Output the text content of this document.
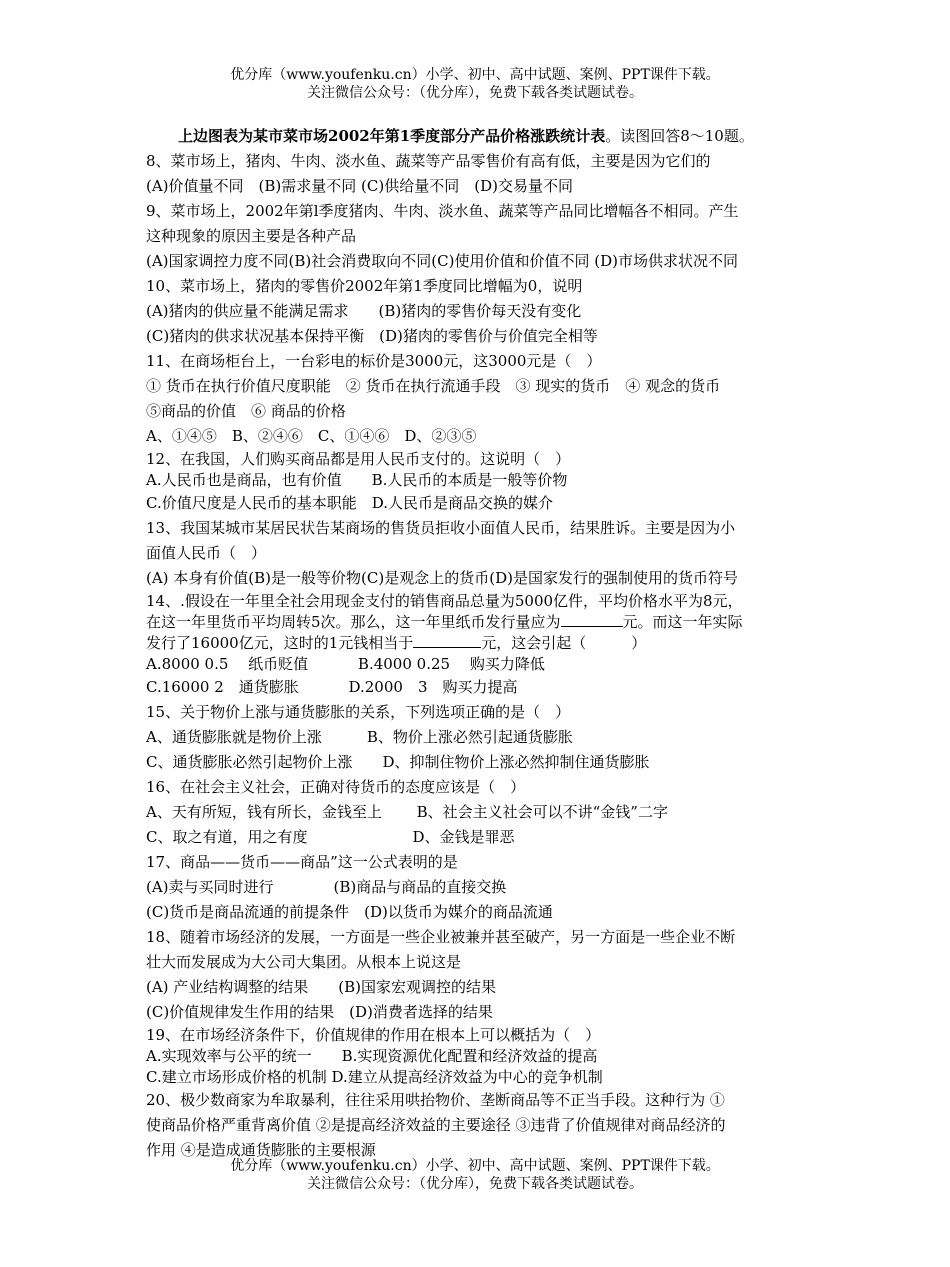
优分库（www.youfenku.cn）小学、初中、高中试题、案例、PPT课件下载。
关注微信公众号：（优分库），免费下载各类试题试卷。
上边图表为某市菜市场2002年第1季度部分产品价格涨跌统计表。读图回答8～10题。
8、菜市场上，猪肉、牛肉、淡水鱼、蔬菜等产品零售价有高有低，主要是因为它们的
(A)价值量不同　(B)需求量不同 (C)供给量不同　(D)交易量不同
9、菜市场上，2002年第l季度猪肉、牛肉、淡水鱼、蔬菜等产品同比增幅各不相同。产生
这种现象的原因主要是各种产品
(A)国家调控力度不同(B)社会消费取向不同(C)使用价值和价值不同 (D)市场供求状况不同
10、菜市场上，猪肉的零售价2002年第1季度同比增幅为0，说明
(A)猪肉的供应量不能满足需求　　(B)猪肉的零售价每天没有变化
(C)猪肉的供求状况基本保持平衡　(D)猪肉的零售价与价值完全相等
11、在商场柜台上，一台彩电的标价是3000元，这3000元是（　）
① 货币在执行价值尺度职能　② 货币在执行流通手段　③ 现实的货币　④ 观念的货币
⑤商品的价值　⑥ 商品的价格
A、①④⑤　B、②④⑥　C、①④⑥　D、②③⑤
12、在我国，人们购买商品都是用人民币支付的。这说明（　）
A.人民币也是商品，也有价值　　B.人民币的本质是一般等价物
C.价值尺度是人民币的基本职能　D.人民币是商品交换的媒介
13、我国某城市某居民状告某商场的售货员拒收小面值人民币，结果胜诉。主要是因为小
面值人民币（　）
(A) 本身有价值(B)是一般等价物(C)是观念上的货币(D)是国家发行的强制使用的货币符号
14、.假设在一年里全社会用现金支付的销售商品总量为5000亿件，平均价格水平为8元，
在这一年里货币平均周转5次。那么，这一年里纸币发行量应为	元。而这一年实际
发行了16000亿元，这时的1元钱相当于	元，这会引起（　　　）
A.8000 0.5　 纸币贬值　　　 B.4000 0.25　 购买力降低
C.16000 2　通货膨胀　　　 D.2000　3　购买力提高
15、关于物价上涨与通货膨胀的关系，下列选项正确的是（　）
A、通货膨胀就是物价上涨　　　B、物价上涨必然引起通货膨胀
C、通货膨胀必然引起物价上涨　　D、抑制住物价上涨必然抑制住通货膨胀
16、在社会主义社会，正确对待货币的态度应该是（　）
A、天有所短，钱有所长，金钱至上　　 B、社会主义社会可以不讲“金钱”二字
C、取之有道，用之有度　　　　　　　D、金钱是罪恶
17、商品——货币——商品”这一公式表明的是
(A)卖与买同时进行　　　　(B)商品与商品的直接交换
(C)货币是商品流通的前提条件　(D)以货币为媒介的商品流通
18、随着市场经济的发展，一方面是一些企业被兼并甚至破产，另一方面是一些企业不断
壮大而发展成为大公司大集团。从根本上说这是
(A) 产业结构调整的结果　　(B)国家宏观调控的结果
(C)价值规律发生作用的结果　(D)消费者选择的结果
19、在市场经济条件下，价值规律的作用在根本上可以概括为（　）
A.实现效率与公平的统一　　B.实现资源优化配置和经济效益的提高
C.建立市场形成价格的机制 D.建立从提高经济效益为中心的竞争机制
20、极少数商家为牟取暴利，往往采用哄抬物价、垄断商品等不正当手段。这种行为 ①
使商品价格严重背离价值 ②是提高经济效益的主要途径 ③违背了价值规律对商品经济的
作用 ④是造成通货膨胀的主要根源
优分库（www.youfenku.cn）小学、初中、高中试题、案例、PPT课件下载。
关注微信公众号：（优分库），免费下载各类试题试卷。
